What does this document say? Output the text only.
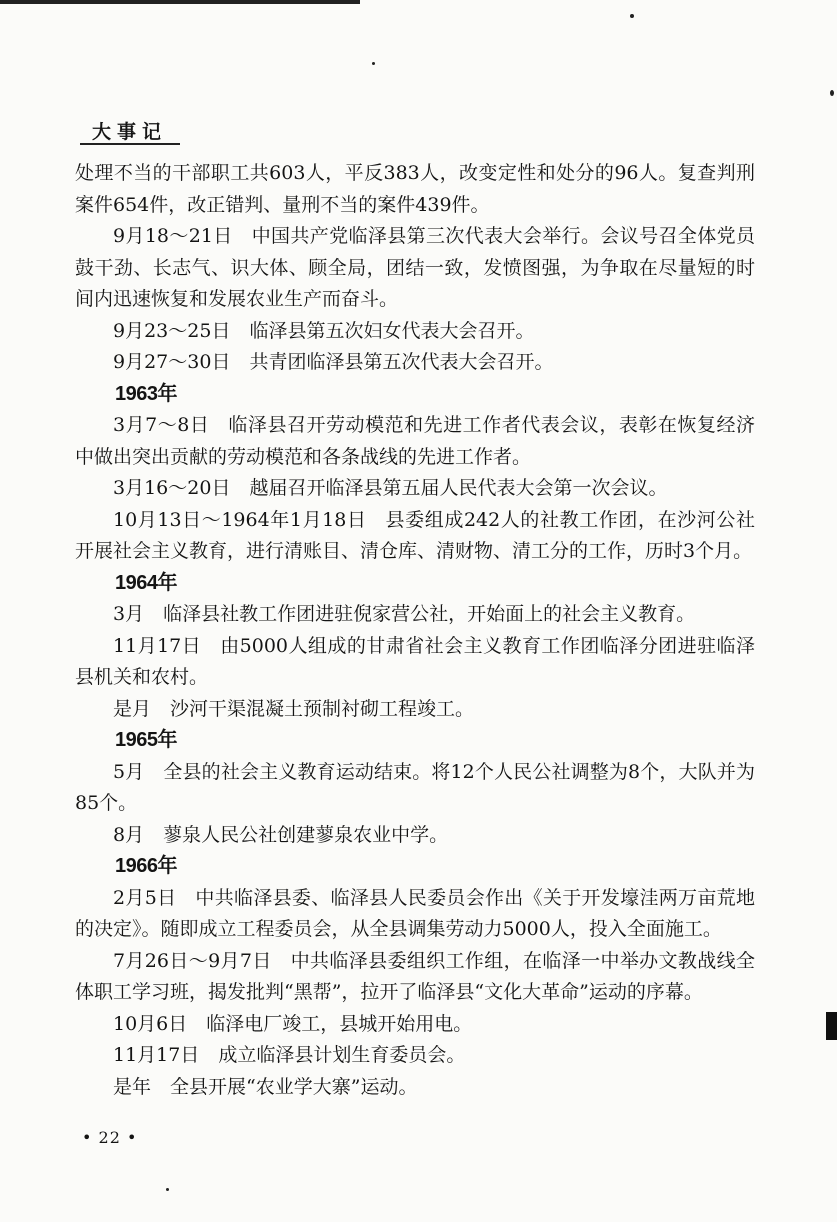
大事记

处理不当的干部职工共603人，平反383人，改变定性和处分的96人。复查判刑案件654件，改正错判、量刑不当的案件439件。

9月18～21日 中国共产党临泽县第三次代表大会举行。会议号召全体党员鼓干劲、长志气、识大体、顾全局，团结一致，发愤图强，为争取在尽量短的时间内迅速恢复和发展农业生产而奋斗。

9月23～25日 临泽县第五次妇女代表大会召开。

9月27～30日 共青团临泽县第五次代表大会召开。

1963年

3月7～8日 临泽县召开劳动模范和先进工作者代表会议，表彰在恢复经济中做出突出贡献的劳动模范和各条战线的先进工作者。

3月16～20日 越届召开临泽县第五届人民代表大会第一次会议。

10月13日～1964年1月18日 县委组成242人的社教工作团，在沙河公社开展社会主义教育，进行清账目、清仓库、清财物、清工分的工作，历时3个月。

1964年

3月 临泽县社教工作团进驻倪家营公社，开始面上的社会主义教育。

11月17日 由5000人组成的甘肃省社会主义教育工作团临泽分团进驻临泽县机关和农村。

是月 沙河干渠混凝土预制衬砌工程竣工。

1965年

5月 全县的社会主义教育运动结束。将12个人民公社调整为8个，大队并为85个。

8月 蓼泉人民公社创建蓼泉农业中学。

1966年

2月5日 中共临泽县委、临泽县人民委员会作出《关于开发壕洼两万亩荒地的决定》。随即成立工程委员会，从全县调集劳动力5000人，投入全面施工。

7月26日～9月7日 中共临泽县委组织工作组，在临泽一中举办文教战线全体职工学习班，揭发批判“黑帮”，拉开了临泽县“文化大革命”运动的序幕。

10月6日 临泽电厂竣工，县城开始用电。

11月17日 成立临泽县计划生育委员会。

是年 全县开展“农业学大寨”运动。

• 22 •
